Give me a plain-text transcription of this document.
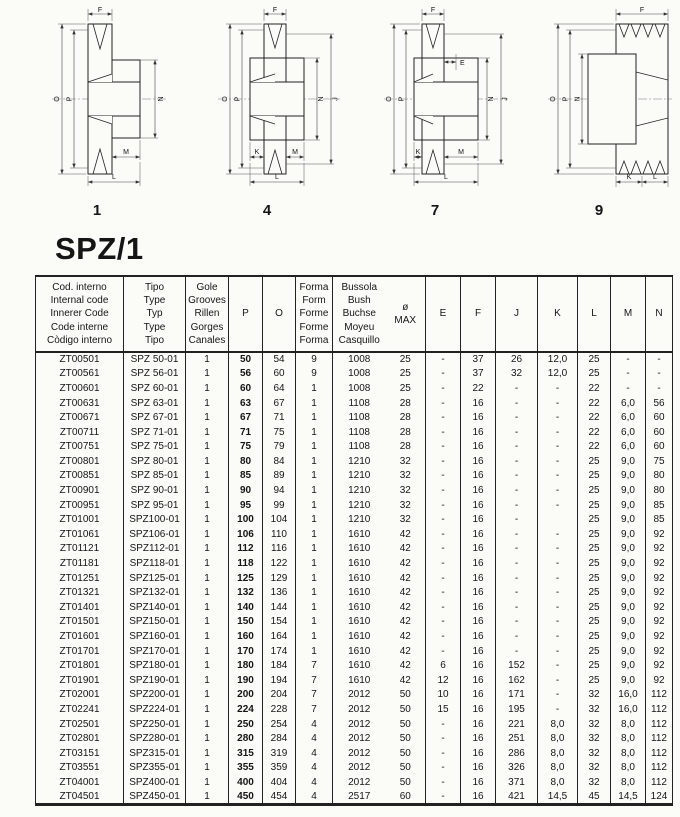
F
O P	N
M
L
1
F
O P	N J
K	M
L
4
F
E
O P	N J
K	M
L
7
F
O P N
K	L
9
SPZ/1
Cod. interno
Internal code
Innerer Code
Code interne
Còdigo interno	Tipo
Type
Typ
Type
Tipo	Gole
Grooves
Rillen
Gorges
Canales	P	O	Forma
Form
Forme
Forme
Forma	Bussola
Bush
Buchse
Moyeu
Casquillo	ø
MAX	E	F	J	K	L	M	N
ZT00501	SPZ 50-01	1	50	54	9	1008	25	-	37	26	12,0	25	-	-
ZT00561	SPZ 56-01	1	56	60	9	1008	25	-	37	32	12,0	25	-	-
ZT00601	SPZ 60-01	1	60	64	1	1008	25	-	22	-	-	22	-	-
ZT00631	SPZ 63-01	1	63	67	1	1108	28	-	16	-	-	22	6,0	56
ZT00671	SPZ 67-01	1	67	71	1	1108	28	-	16	-	-	22	6,0	60
ZT00711	SPZ 71-01	1	71	75	1	1108	28	-	16	-	-	22	6,0	60
ZT00751	SPZ 75-01	1	75	79	1	1108	28	-	16	-	-	22	6,0	60
ZT00801	SPZ 80-01	1	80	84	1	1210	32	-	16	-	-	25	9,0	75
ZT00851	SPZ 85-01	1	85	89	1	1210	32	-	16	-	-	25	9,0	80
ZT00901	SPZ 90-01	1	90	94	1	1210	32	-	16	-	-	25	9,0	80
ZT00951	SPZ 95-01	1	95	99	1	1210	32	-	16	-	-	25	9,0	85
ZT01001	SPZ100-01	1	100	104	1	1210	32	-	16	-		25	9,0	85
ZT01061	SPZ106-01	1	106	110	1	1610	42	-	16	-	-	25	9,0	92
ZT01121	SPZ112-01	1	112	116	1	1610	42	-	16	-	-	25	9,0	92
ZT01181	SPZ118-01	1	118	122	1	1610	42	-	16	-	-	25	9,0	92
ZT01251	SPZ125-01	1	125	129	1	1610	42	-	16	-	-	25	9,0	92
ZT01321	SPZ132-01	1	132	136	1	1610	42	-	16	-	-	25	9,0	92
ZT01401	SPZ140-01	1	140	144	1	1610	42	-	16	-	-	25	9,0	92
ZT01501	SPZ150-01	1	150	154	1	1610	42	-	16	-	-	25	9,0	92
ZT01601	SPZ160-01	1	160	164	1	1610	42	-	16	-	-	25	9,0	92
ZT01701	SPZ170-01	1	170	174	1	1610	42	-	16	-	-	25	9,0	92
ZT01801	SPZ180-01	1	180	184	7	1610	42	6	16	152	-	25	9,0	92
ZT01901	SPZ190-01	1	190	194	7	1610	42	12	16	162	-	25	9,0	92
ZT02001	SPZ200-01	1	200	204	7	2012	50	10	16	171	-	32	16,0	112
ZT02241	SPZ224-01	1	224	228	7	2012	50	15	16	195	-	32	16,0	112
ZT02501	SPZ250-01	1	250	254	4	2012	50	-	16	221	8,0	32	8,0	112
ZT02801	SPZ280-01	1	280	284	4	2012	50	-	16	251	8,0	32	8,0	112
ZT03151	SPZ315-01	1	315	319	4	2012	50	-	16	286	8,0	32	8,0	112
ZT03551	SPZ355-01	1	355	359	4	2012	50	-	16	326	8,0	32	8,0	112
ZT04001	SPZ400-01	1	400	404	4	2012	50	-	16	371	8,0	32	8,0	112
ZT04501	SPZ450-01	1	450	454	4	2517	60	-	16	421	14,5	45	14,5	124
